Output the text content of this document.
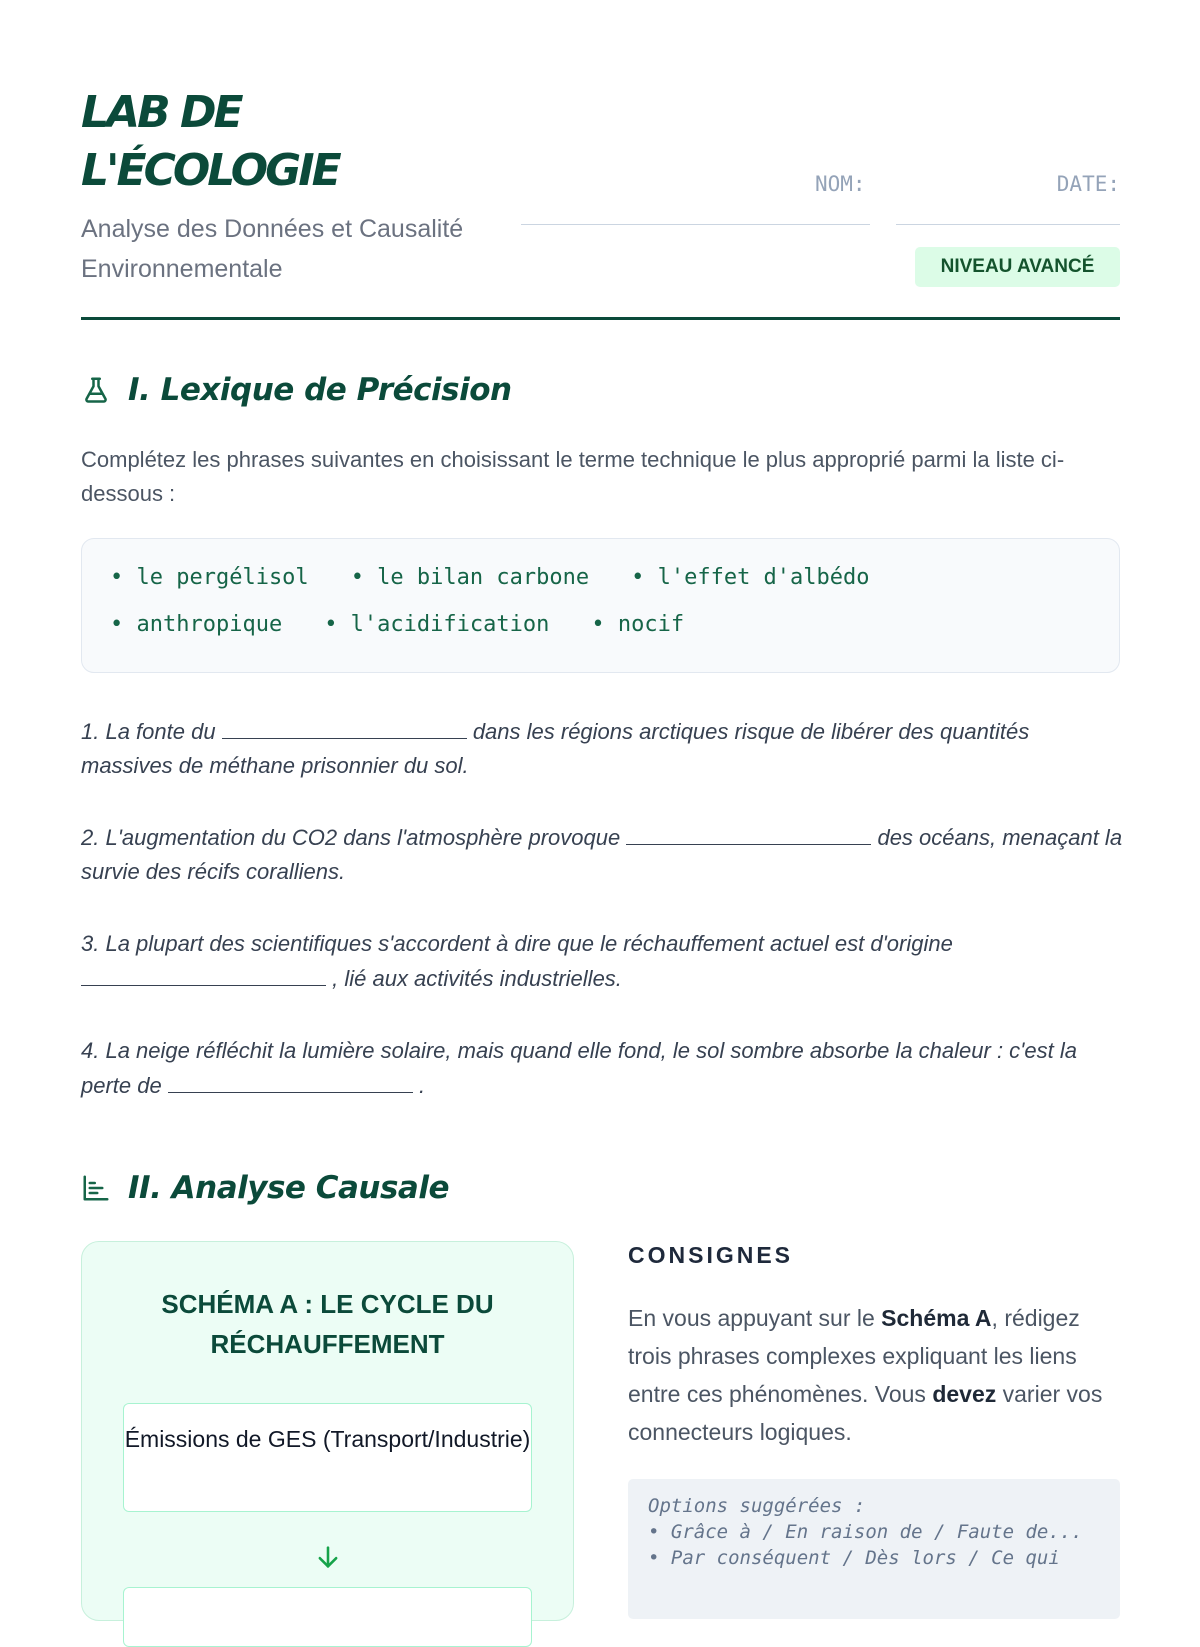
LAB DE
L'ÉCOLOGIE
Analyse des Données et Causalité Environnementale
NOM:	DATE:
NIVEAU AVANCÉ
I. Lexique de Précision

Complétez les phrases suivantes en choisissant le terme technique le plus approprié parmi la liste ci-dessous :

• le pergélisol • le bilan carbone • l'effet d'albédo
• anthropique • l'acidification • nocif

1. La fonte du	dans les régions arctiques risque de libérer des quantités massives de méthane prisonnier du sol.

2. L'augmentation du CO2 dans l'atmosphère provoque	des océans, menaçant la survie des récifs coralliens.

3. La plupart des scientifiques s'accordent à dire que le réchauffement actuel est d'origine  , lié aux activités industrielles.

4. La neige réfléchit la lumière solaire, mais quand elle fond, le sol sombre absorbe la chaleur : c'est la perte de	.

II. Analyse Causale
SCHÉMA A : LE CYCLE DU RÉCHAUFFEMENT
Émissions de GES (Transport/Industrie)
CONSIGNES

En vous appuyant sur le Schéma A, rédigez trois phrases complexes expliquant les liens entre ces phénomènes. Vous devez varier vos connecteurs logiques.

Options suggérées :
• Grâce à / En raison de / Faute de...
• Par conséquent / Dès lors / Ce qui
